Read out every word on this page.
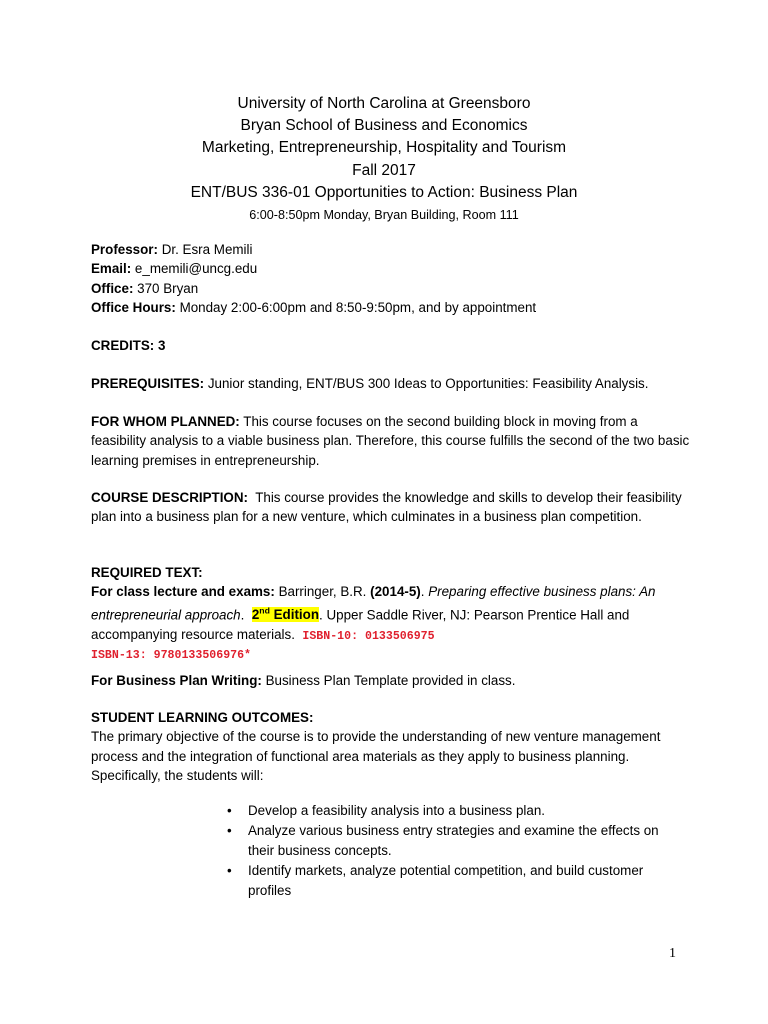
University of North Carolina at Greensboro
Bryan School of Business and Economics
Marketing, Entrepreneurship, Hospitality and Tourism
Fall 2017
ENT/BUS 336-01 Opportunities to Action: Business Plan
6:00-8:50pm Monday, Bryan Building, Room 111

Professor: Dr. Esra Memili

Email: e_memili@uncg.edu

Office: 370 Bryan

Office Hours: Monday 2:00-6:00pm and 8:50-9:50pm, and by appointment

CREDITS: 3

PREREQUISITES: Junior standing, ENT/BUS 300 Ideas to Opportunities: Feasibility Analysis.

FOR WHOM PLANNED: This course focuses on the second building block in moving from a feasibility analysis to a viable business plan. Therefore, this course fulfills the second of the two basic learning premises in entrepreneurship.

COURSE DESCRIPTION: This course provides the knowledge and skills to develop their feasibility plan into a business plan for a new venture, which culminates in a business plan competition.

REQUIRED TEXT:

For class lecture and exams: Barringer, B.R. (2014-5). Preparing effective business plans: An entrepreneurial approach.  2nd Edition. Upper Saddle River, NJ: Pearson Prentice Hall and accompanying resource materials. ISBN-10: 0133506975

ISBN-13: 9780133506976*

For Business Plan Writing: Business Plan Template provided in class.

STUDENT LEARNING OUTCOMES:

The primary objective of the course is to provide the understanding of new venture management process and the integration of functional area materials as they apply to business planning. Specifically, the students will:

• Develop a feasibility analysis into a business plan.
• Analyze various business entry strategies and examine the effects on their business concepts.
• Identify markets, analyze potential competition, and build customer profiles
1
